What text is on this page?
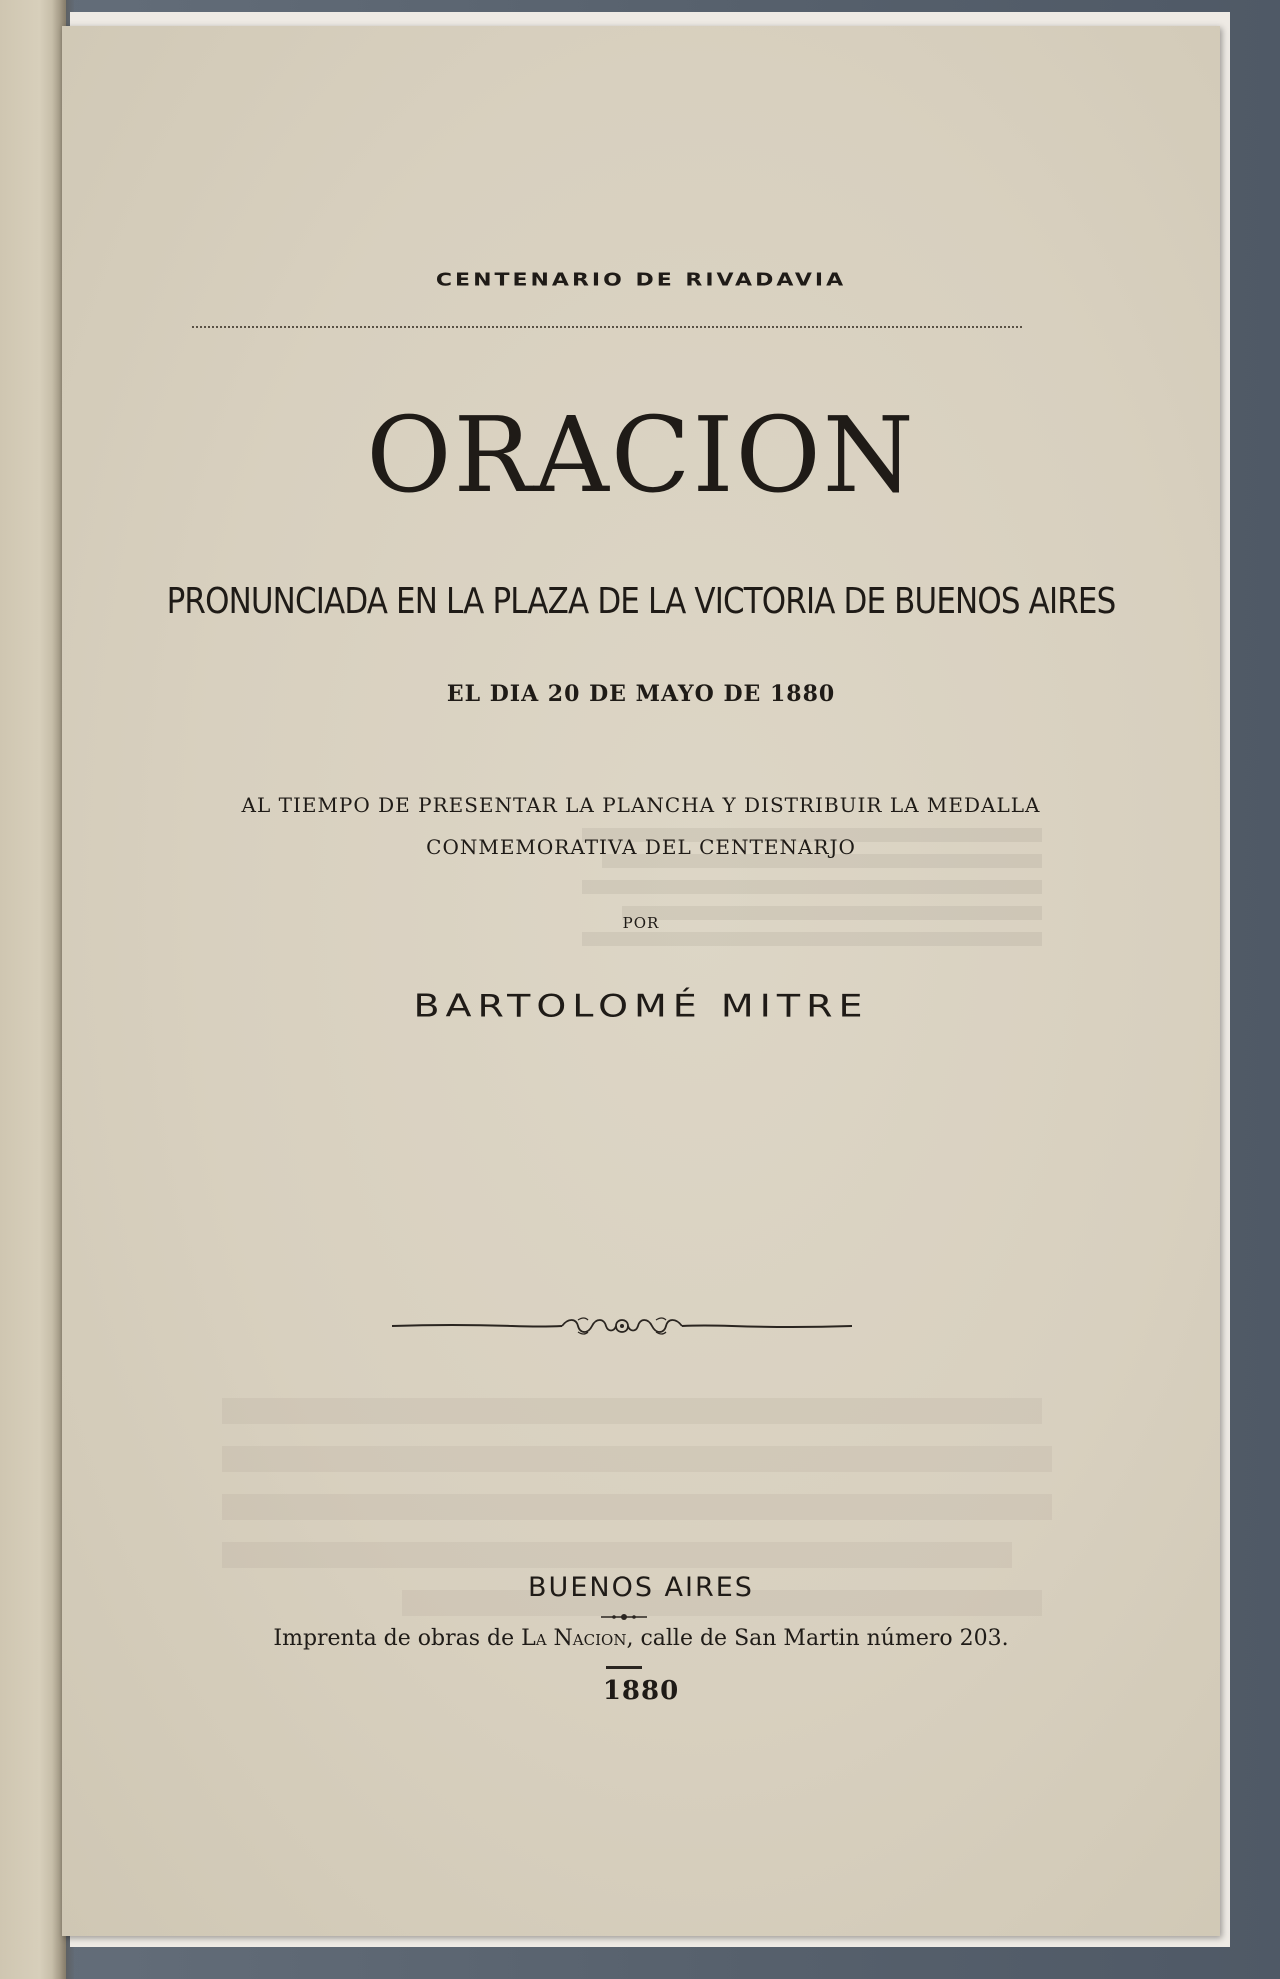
CENTENARIO DE RIVADAVIA
ORACION
PRONUNCIADA EN LA PLAZA DE LA VICTORIA DE BUENOS AIRES
EL DIA 20 DE MAYO DE 1880
AL TIEMPO DE PRESENTAR LA PLANCHA Y DISTRIBUIR LA MEDALLA
CONMEMORATIVA DEL CENTENARJO
POR
BARTOLOMÉ MITRE
BUENOS AIRES
Imprenta de obras de La Nacion, calle de San Martin número 203.
1880
